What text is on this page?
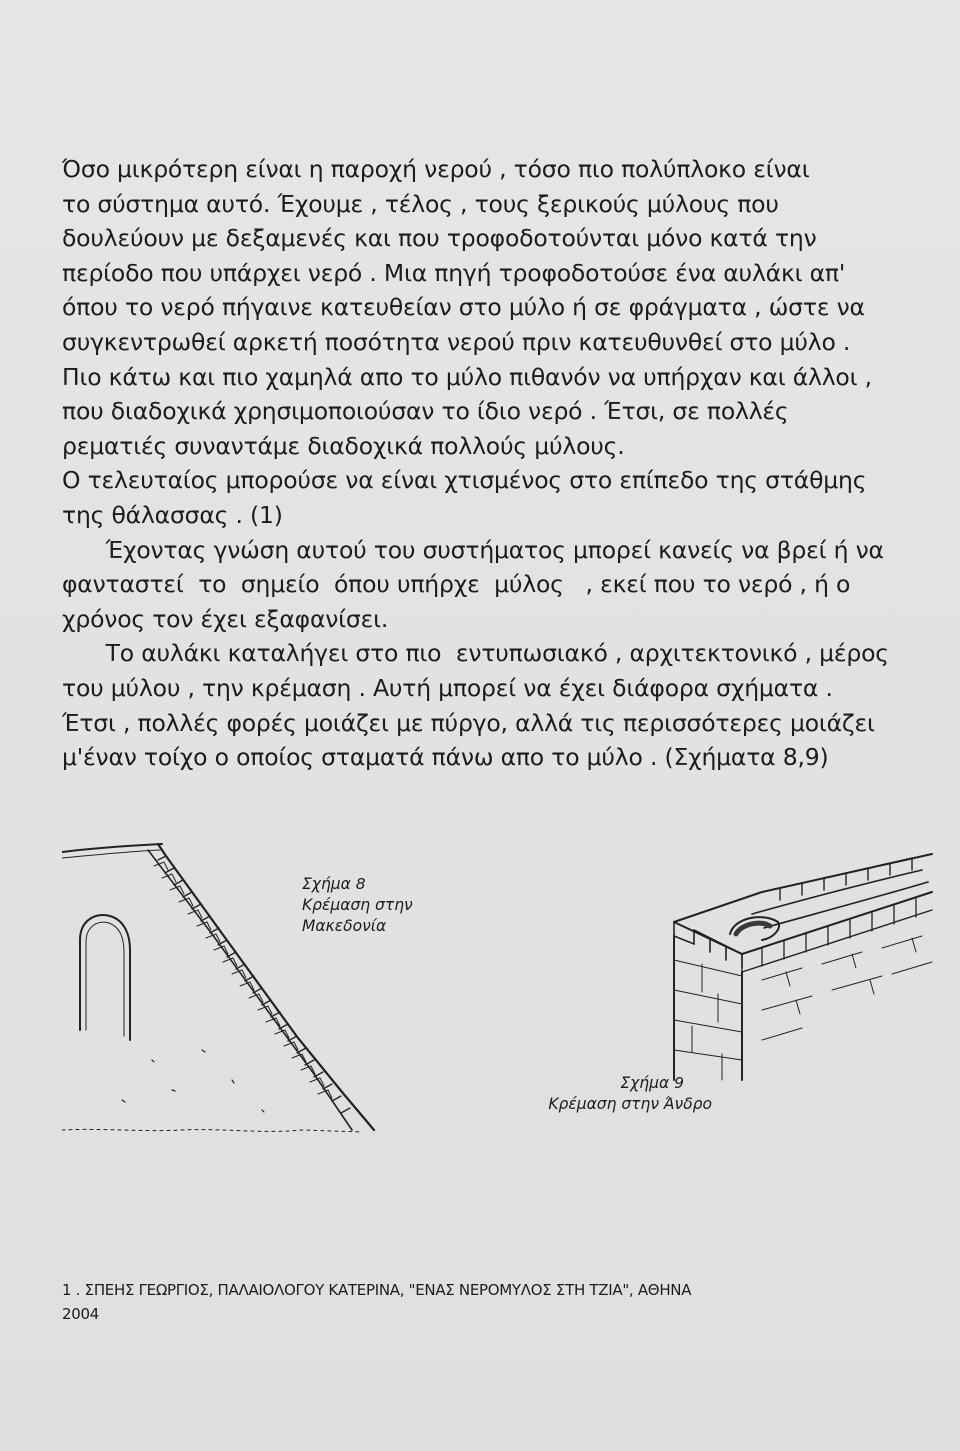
Όσο μικρότερη είναι η παροχή νερού , τόσο πιο πολύπλοκο είναι
το σύστημα αυτό. Έχουμε , τέλος , τους ξερικούς μύλους που
δουλεύουν με δεξαμενές και που τροφοδοτούνται μόνο κατά την
περίοδο που υπάρχει νερό . Μια πηγή τροφοδοτούσε ένα αυλάκι απ'
όπου το νερό πήγαινε κατευθείαν στο μύλο ή σε φράγματα , ώστε να
συγκεντρωθεί αρκετή ποσότητα νερού πριν κατευθυνθεί στο μύλο .
Πιο κάτω και πιο χαμηλά απο το μύλο πιθανόν να υπήρχαν και άλλοι ,
που διαδοχικά χρησιμοποιούσαν το ίδιο νερό . Έτσι, σε πολλές
ρεματιές συναντάμε διαδοχικά πολλούς μύλους.
Ο τελευταίος μπορούσε να είναι χτισμένος στο επίπεδο της στάθμης
της θάλασσας . (1)
Έχοντας γνώση αυτού του συστήματος μπορεί κανείς να βρεί ή να
φανταστεί  το  σημείο  όπου υπήρχε  μύλος   , εκεί που το νερό , ή ο
χρόνος τον έχει εξαφανίσει.
Το αυλάκι καταλήγει στο πιο  εντυπωσιακό , αρχιτεκτονικό , μέρος
του μύλου , την κρέμαση . Αυτή μπορεί να έχει διάφορα σχήματα .
Έτσι , πολλές φορές μοιάζει με πύργο, αλλά τις περισσότερες μοιάζει
μ'έναν τοίχο ο οποίος σταματά πάνω απο το μύλο . (Σχήματα 8,9)
Σχήμα 8
Κρέμαση στην
Μακεδονία
Σχήμα 9
Κρέμαση στην Άνδρο
1 . ΣΠΕΗΣ ΓΕΩΡΓΙΟΣ, ΠΑΛΑΙΟΛΟΓΟΥ ΚΑΤΕΡΙΝΑ, "ΕΝΑΣ ΝΕΡΟΜΥΛΟΣ ΣΤΗ ΤΖΙΑ", ΑΘΗΝΑ
2004
